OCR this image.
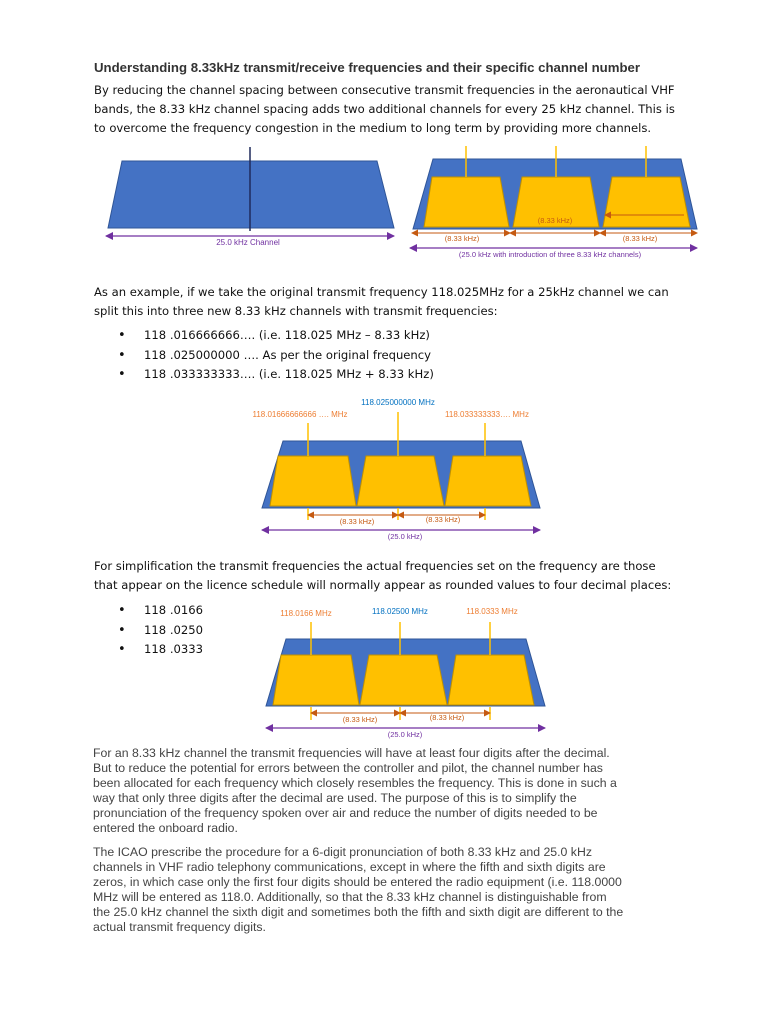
Understanding 8.33kHz transmit/receive frequencies and their specific channel number

By reducing the channel spacing between consecutive transmit frequencies in the aeronautical VHF
bands, the 8.33 kHz channel spacing adds two additional channels for every 25 kHz channel. This is
to overcome the frequency congestion in the medium to long term by providing more channels.

25.0 kHz Channel
(8.33 kHz)
(8.33 kHz)	(8.33 kHz)
(25.0 kHz with introduction of three 8.33 kHz channels)
118.025000000 MHz
118.01666666666 …. MHz	118.033333333…. MHz
(8.33 kHz)	(8.33 kHz)
(25.0 kHz)
118.0166 MHz	118.02500 MHz	118.0333 MHz
(8.33 kHz)	(8.33 kHz)
(25.0 kHz)

As an example, if we take the original transmit frequency 118.025MHz for a 25kHz channel we can
split this into three new 8.33 kHz channels with transmit frequencies:

• 118 .016666666…. (i.e. 118.025 MHz – 8.33 kHz)
• 118 .025000000 …. As per the original frequency
• 118 .033333333…. (i.e. 118.025 MHz + 8.33 kHz)

For simplification the transmit frequencies the actual frequencies set on the frequency are those
that appear on the licence schedule will normally appear as rounded values to four decimal places:

• 118 .0166
• 118 .0250
• 118 .0333

For an 8.33 kHz channel the transmit frequencies will have at least four digits after the decimal.
But to reduce the potential for errors between the controller and pilot, the channel number has
been allocated for each frequency which closely resembles the frequency. This is done in such a
way that only three digits after the decimal are used. The purpose of this is to simplify the
pronunciation of the frequency spoken over air and reduce the number of digits needed to be
entered the onboard radio.

The ICAO prescribe the procedure for a 6-digit pronunciation of both 8.33 kHz and 25.0 kHz
channels in VHF radio telephony communications, except in where the fifth and sixth digits are
zeros, in which case only the first four digits should be entered the radio equipment (i.e. 118.0000
MHz will be entered as 118.0. Additionally, so that the 8.33 kHz channel is distinguishable from
the 25.0 kHz channel the sixth digit and sometimes both the fifth and sixth digit are different to the
actual transmit frequency digits.
